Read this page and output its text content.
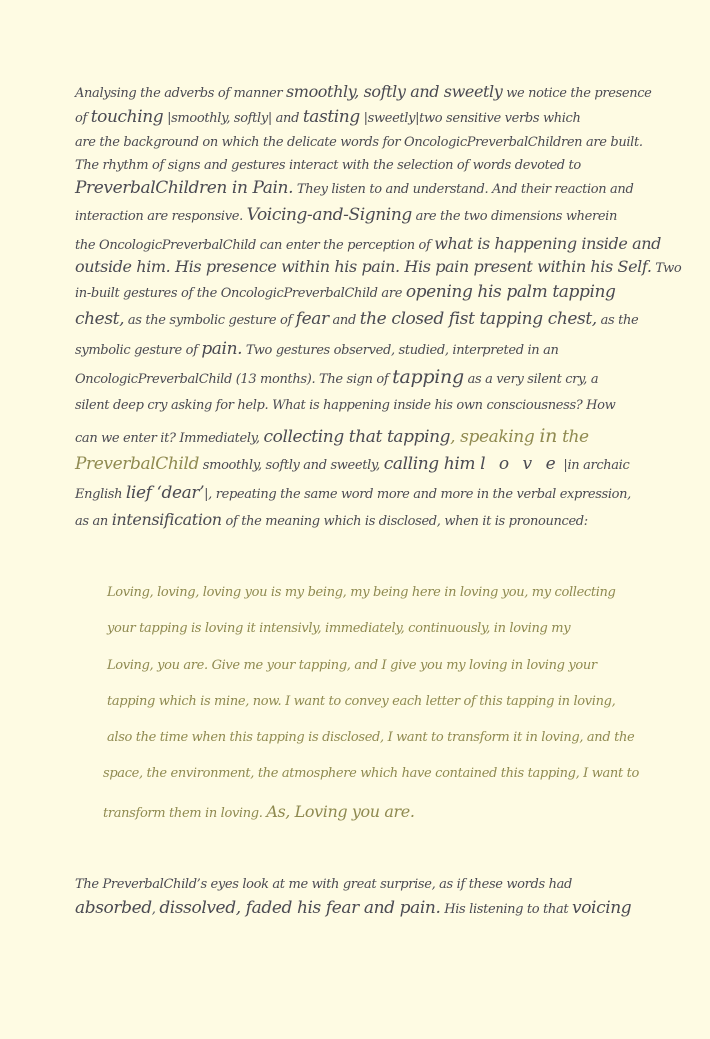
Analysing the adverbs of manner smoothly, softly and sweetly we notice the presence
of touching |smoothly, softly| and tasting |sweetly|two sensitive verbs which
are the background on which the delicate words for OncologicPreverbalChildren are built.
The rhythm of signs and gestures interact with the selection of words devoted to
PreverbalChildren in Pain. They listen to and understand. And their reaction and
interaction are responsive. Voicing-and-Signing are the two dimensions wherein
the OncologicPreverbalChild can enter the perception of what is happening inside and
outside him. His presence within his pain. His pain present within his Self. Two
in-built gestures of the OncologicPreverbalChild are opening his palm tapping
chest, as the symbolic gesture of fear and the closed fist tapping chest, as the
symbolic gesture of pain. Two gestures observed, studied, interpreted in an
OncologicPreverbalChild (13 months). The sign of tapping as a very silent cry, a
silent deep cry asking for help. What is happening inside his own consciousness? How
can we enter it? Immediately, collecting that tapping, speaking in the
PreverbalChild smoothly, softly and sweetly, calling him l o v e |in archaic
English lief ‘dear’|, repeating the same word more and more in the verbal expression,
as an intensification of the meaning which is disclosed, when it is pronounced:
Loving, loving, loving you is my being, my being here in loving you, my collecting
your tapping is loving it intensivly, immediately, continuously, in loving my
Loving, you are. Give me your tapping, and I give you my loving in loving your
tapping which is mine, now. I want to convey each letter of this tapping in loving,
also the time when this tapping is disclosed, I want to transform it in loving, and the
space, the environment, the atmosphere which have contained this tapping, I want to
transform them in loving. As, Loving you are.
The PreverbalChild’s eyes look at me with great surprise, as if these words had
absorbed, dissolved, faded his fear and pain. His listening to that voicing
